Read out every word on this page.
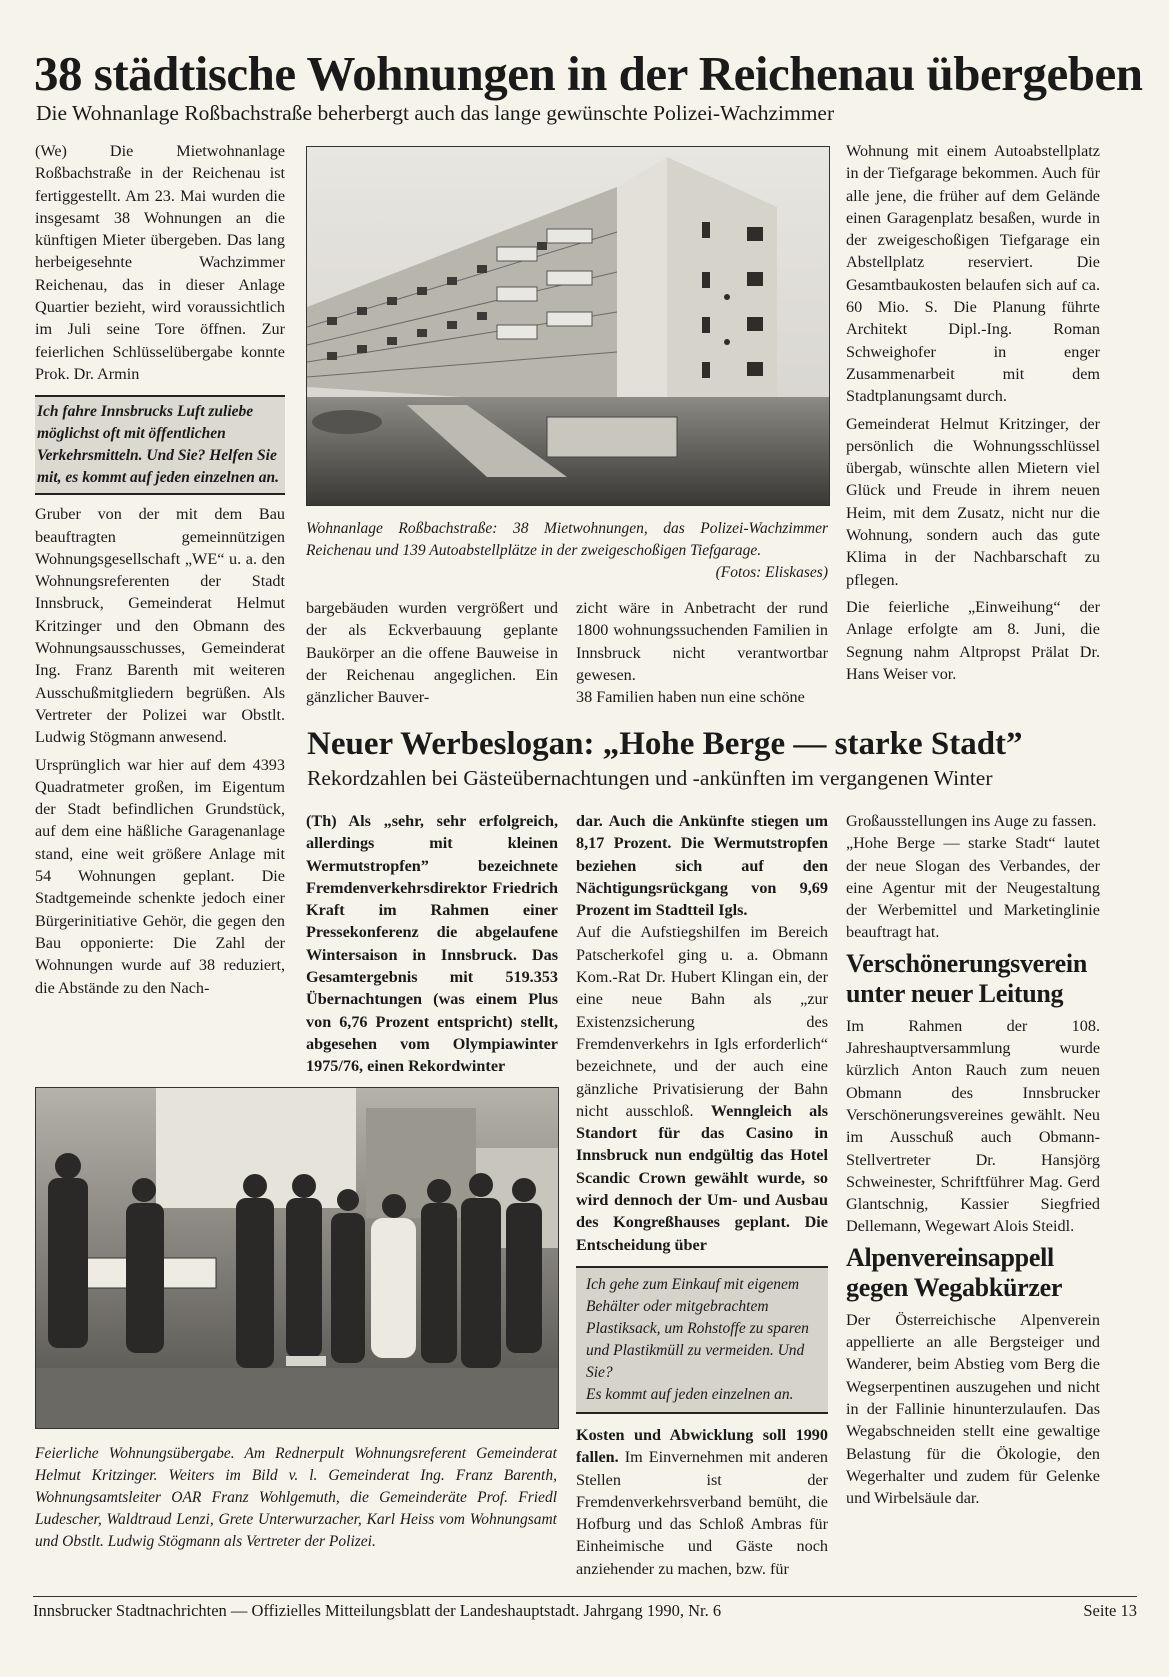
38 städtische Wohnungen in der Reichenau übergeben
Die Wohnanlage Roßbachstraße beherbergt auch das lange gewünschte Polizei-Wachzimmer

(We) Die Mietwohnanlage Roßbachstraße in der Reichenau ist fertiggestellt. Am 23. Mai wurden die insgesamt 38 Wohnungen an die künftigen Mieter übergeben. Das lang herbeigesehnte Wachzimmer Reichenau, das in dieser Anlage Quartier bezieht, wird voraussichtlich im Juli seine Tore öffnen. Zur feierlichen Schlüsselübergabe konnte Prok. Dr. Armin

Ich fahre Innsbrucks Luft zuliebe möglichst oft mit öffentlichen Verkehrsmitteln. Und Sie? Helfen Sie mit, es kommt auf jeden einzelnen an.

Gruber von der mit dem Bau beauftragten gemeinnützigen Wohnungsgesellschaft „WE“ u. a. den Wohnungsreferenten der Stadt Innsbruck, Gemeinderat Helmut Kritzinger und den Obmann des Wohnungsausschusses, Gemeinderat Ing. Franz Barenth mit weiteren Ausschußmitgliedern begrüßen. Als Vertreter der Polizei war Obstlt. Ludwig Stögmann anwesend.

Ursprünglich war hier auf dem 4393 Quadratmeter großen, im Eigentum der Stadt befindlichen Grundstück, auf dem eine häßliche Garagenanlage stand, eine weit größere Anlage mit 54 Wohnungen geplant. Die Stadtgemeinde schenkte jedoch einer Bürgerinitiative Gehör, die gegen den Bau opponierte: Die Zahl der Wohnungen wurde auf 38 reduziert, die Abstände zu den Nach-

Wohnanlage Roßbachstraße: 38 Mietwohnungen, das Polizei-Wachzimmer Reichenau und 139 Autoabstellplätze in der zweigeschoßigen Tiefgarage.
(Fotos: Eliskases)

bargebäuden wurden vergrößert und der als Eckverbauung geplante Baukörper an die offene Bauweise in der Reichenau angeglichen. Ein gänzlicher Bauver-

zicht wäre in Anbetracht der rund 1800 wohnungssuchenden Familien in Innsbruck nicht verantwortbar gewesen.

38 Familien haben nun eine schöne

Wohnung mit einem Autoabstellplatz in der Tiefgarage bekommen. Auch für alle jene, die früher auf dem Gelände einen Garagenplatz besaßen, wurde in der zweigeschoßigen Tiefgarage ein Abstellplatz reserviert. Die Gesamtbaukosten belaufen sich auf ca. 60 Mio. S. Die Planung führte Architekt Dipl.-Ing. Roman Schweighofer in enger Zusammenarbeit mit dem Stadtplanungsamt durch.

Gemeinderat Helmut Kritzinger, der persönlich die Wohnungsschlüssel übergab, wünschte allen Mietern viel Glück und Freude in ihrem neuen Heim, mit dem Zusatz, nicht nur die Wohnung, sondern auch das gute Klima in der Nachbarschaft zu pflegen.

Die feierliche „Einweihung“ der Anlage erfolgte am 8. Juni, die Segnung nahm Altpropst Prälat Dr. Hans Weiser vor.

Neuer Werbeslogan: „Hohe Berge — starke Stadt”
Rekordzahlen bei Gästeübernachtungen und -ankünften im vergangenen Winter

(Th) Als „sehr, sehr erfolgreich, allerdings mit kleinen Wermutstropfen” bezeichnete Fremdenverkehrsdirektor Friedrich Kraft im Rahmen einer Pressekonferenz die abgelaufene Wintersaison in Innsbruck. Das Gesamtergebnis mit 519.353 Übernachtungen (was einem Plus von 6,76 Prozent entspricht) stellt, abgesehen vom Olympiawinter 1975/76, einen Rekordwinter

dar. Auch die Ankünfte stiegen um 8,17 Prozent. Die Wermutstropfen beziehen sich auf den Nächtigungsrückgang von 9,69 Prozent im Stadtteil Igls.

Auf die Aufstiegshilfen im Bereich Patscherkofel ging u. a. Obmann Kom.-Rat Dr. Hubert Klingan ein, der eine neue Bahn als „zur Existenzsicherung des Fremdenverkehrs in Igls erforderlich“ bezeichnete, und der auch eine gänzliche Privatisierung der Bahn nicht ausschloß. Wenngleich als Standort für das Casino in Innsbruck nun endgültig das Hotel Scandic Crown gewählt wurde, so wird dennoch der Um- und Ausbau des Kongreßhauses geplant. Die Entscheidung über

Ich gehe zum Einkauf mit eigenem Behälter oder mitgebrachtem Plastiksack, um Rohstoffe zu sparen und Plastikmüll zu vermeiden. Und Sie?
Es kommt auf jeden einzelnen an.

Kosten und Abwicklung soll 1990 fallen. Im Einvernehmen mit anderen Stellen ist der Fremdenverkehrsverband bemüht, die Hofburg und das Schloß Ambras für Einheimische und Gäste noch anziehender zu machen, bzw. für

Feierliche Wohnungsübergabe. Am Rednerpult Wohnungsreferent Gemeinderat Helmut Kritzinger. Weiters im Bild v. l. Gemeinderat Ing. Franz Barenth, Wohnungsamtsleiter OAR Franz Wohlgemuth, die Gemeinderäte Prof. Friedl Ludescher, Waldtraud Lenzi, Grete Unterwurzacher, Karl Heiss vom Wohnungsamt und Obstlt. Ludwig Stögmann als Vertreter der Polizei.

Großausstellungen ins Auge zu fassen.

„Hohe Berge — starke Stadt“ lautet der neue Slogan des Verbandes, der eine Agentur mit der Neugestaltung der Werbemittel und Marketinglinie beauftragt hat.

Verschönerungsverein unter neuer Leitung

Im Rahmen der 108. Jahreshauptversammlung wurde kürzlich Anton Rauch zum neuen Obmann des Innsbrucker Verschönerungsvereines gewählt. Neu im Ausschuß auch Obmann-Stellvertreter Dr. Hansjörg Schweinester, Schriftführer Mag. Gerd Glantschnig, Kassier Siegfried Dellemann, Wegewart Alois Steidl.

Alpenvereinsappell gegen Wegabkürzer

Der Österreichische Alpenverein appellierte an alle Bergsteiger und Wanderer, beim Abstieg vom Berg die Wegserpentinen auszugehen und nicht in der Fallinie hinunterzulaufen. Das Wegabschneiden stellt eine gewaltige Belastung für die Ökologie, den Wegerhalter und zudem für Gelenke und Wirbelsäule dar.

Innsbrucker Stadtnachrichten — Offizielles Mitteilungsblatt der Landeshauptstadt. Jahrgang 1990, Nr. 6	Seite 13
